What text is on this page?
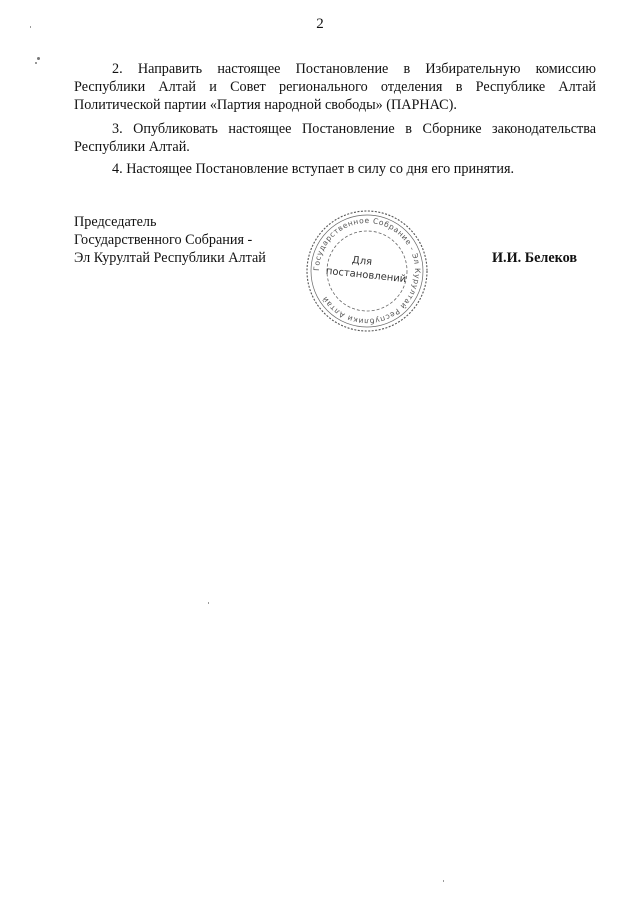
2

2. Направить настоящее Постановление в Избирательную комиссию Республики Алтай и Совет регионального отделения в Республике Алтай Политической партии «Партия народной свободы» (ПАРНАС).

3. Опубликовать настоящее Постановление в Сборнике законодательства Республики Алтай.

4. Настоящее Постановление вступает в силу со дня его принятия.

Председатель
Государственного Собрания -
Эл Курултай Республики Алтай
Государственное Собрание - Эл Курултай Республики Алтай
Для
постановлений
И.И. Белеков
